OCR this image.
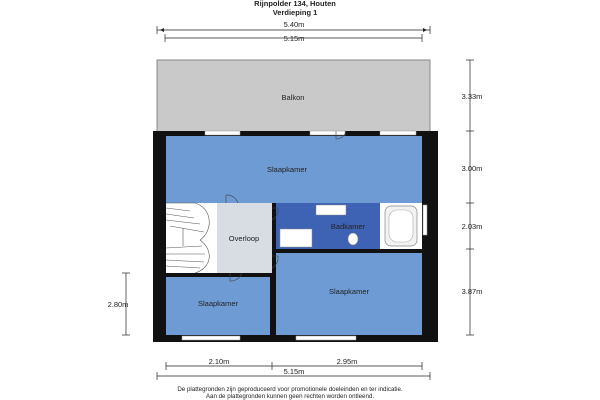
Rijnpolder 134, Houten
Verdieping 1
5.40m
5.15m
Balkon
Slaapkamer
Overloop
Badkamer
Slaapkamer
Slaapkamer
3.33m
3.00m
2.03m
3.87m
2.80m
2.10m	2.95m
5.15m
De plattegronden zijn geproduceerd voor promotionele doeleinden en ter indicatie.
Aan de plattegronden kunnen geen rechten worden ontleend.
